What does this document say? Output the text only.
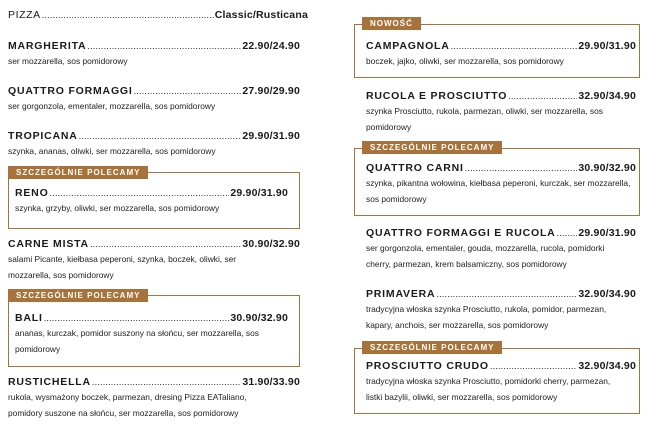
PIZZA .....	Classic/Rusticana
MARGHERITA .....	22.90/24.90
ser mozzarella, sos pomidorowy
QUATTRO FORMAGGI .....	27.90/29.90
ser gorgonzola, ementaler, mozzarella, sos pomidorowy
TROPICANA .....	29.90/31.90
szynka, ananas, oliwki, ser mozzarella, sos pomidorowy
SZCZEGÓLNIE POLECAMY
RENO .....	29.90/31.90
szynka, grzyby, oliwki, ser mozzarella, sos pomidorowy
CARNE MISTA .....	30.90/32.90
salami Picante, kiełbasa peperoni, szynka, boczek, oliwki, ser
mozzarella, sos pomidorowy
SZCZEGÓLNIE POLECAMY
BALI .....	30.90/32.90
ananas, kurczak, pomidor suszony na słońcu, ser mozzarella, sos
pomidorowy
RUSTICHELLA .....	31.90/33.90
rukola, wysmażony boczek, parmezan, dresing Pizza EATaliano,
pomidory suszone na słońcu, ser mozzarella, sos pomidorowy
NOWOŚĆ
CAMPAGNOLA .....	29.90/31.90
boczek, jajko, oliwki, ser mozzarella, sos pomidorowy
RUCOLA E PROSCIUTTO .....	32.90/34.90
szynka Prosciutto, rukola, parmezan, oliwki, ser mozzarella, sos
pomidorowy
SZCZEGÓLNIE POLECAMY
QUATTRO CARNI .....	30.90/32.90
szynka, pikantna wołowina, kiełbasa peperoni, kurczak, ser mozzarella,
sos pomidorowy
QUATTRO FORMAGGI E RUCOLA ..... 29.90/31.90
ser gorgonzola, ementaler, gouda, mozzarella, rucola, pomidorki
cherry, parmezan, krem balsamiczny, sos pomidorowy
PRIMAVERA .....	32.90/34.90
tradycyjna włoska szynka Prosciutto, rukola, pomidor, parmezan,
kapary, anchois, ser mozzarella, sos pomidorowy
SZCZEGÓLNIE POLECAMY
PROSCIUTTO CRUDO .....	32.90/34.90
tradycyjna włoska szynka Prosciutto, pomidorki cherry, parmezan,
listki bazylii, oliwki, ser mozzarella, sos pomidorowy
